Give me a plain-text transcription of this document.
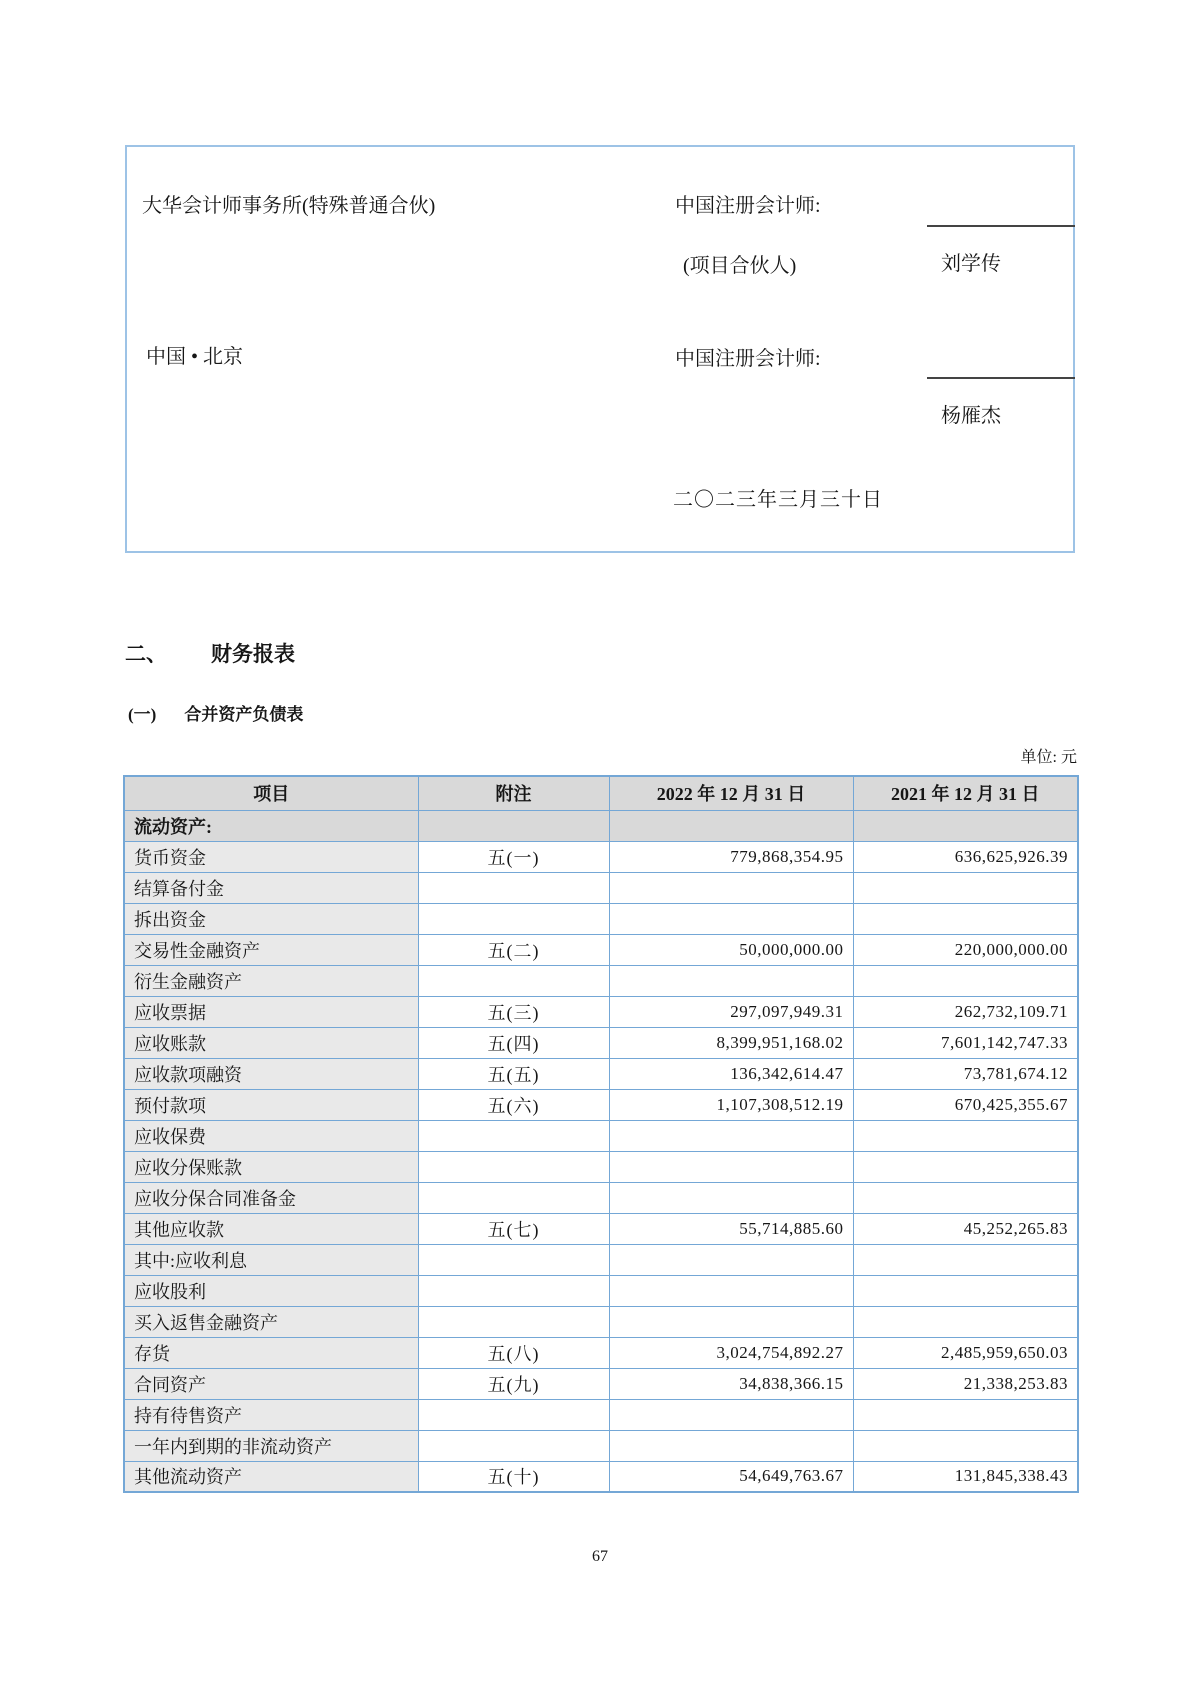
大华会计师事务所(特殊普通合伙)	中国注册会计师:
(项目合伙人)	刘学传
中国 • 北京	中国注册会计师:
杨雁杰
二〇二三年三月三十日
二、 财务报表
(一) 合并资产负债表
单位: 元
项目	附注	2022 年 12 月 31 日	2021 年 12 月 31 日
流动资产:			
货币资金	五(一)	779,868,354.95	636,625,926.39
结算备付金			
拆出资金			
交易性金融资产	五(二)	50,000,000.00	220,000,000.00
衍生金融资产			
应收票据	五(三)	297,097,949.31	262,732,109.71
应收账款	五(四)	8,399,951,168.02	7,601,142,747.33
应收款项融资	五(五)	136,342,614.47	73,781,674.12
预付款项	五(六)	1,107,308,512.19	670,425,355.67
应收保费			
应收分保账款			
应收分保合同准备金			
其他应收款	五(七)	55,714,885.60	45,252,265.83
其中:应收利息			
应收股利			
买入返售金融资产			
存货	五(八)	3,024,754,892.27	2,485,959,650.03
合同资产	五(九)	34,838,366.15	21,338,253.83
持有待售资产			
一年内到期的非流动资产			
其他流动资产	五(十)	54,649,763.67	131,845,338.43
67
